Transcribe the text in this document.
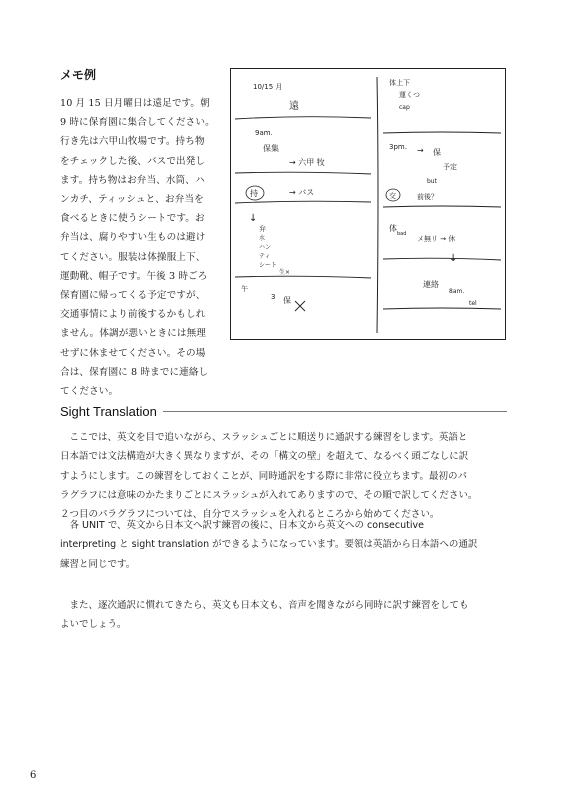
メモ例
10 月 15 日月曜日は遠足です。朝
9 時に保育園に集合してください。
行き先は六甲山牧場です。持ち物
をチェックした後、バスで出発し
ます。持ち物はお弁当、水筒、ハ
ンカチ、ティッシュと、お弁当を
食べるときに使うシートです。お
弁当は、腐りやすい生ものは避け
てください。服装は体操服上下、
運動靴、帽子です。午後 3 時ごろ
保育園に帰ってくる予定ですが、
交通事情により前後するかもしれ
ません。体調が悪いときには無理
せずに休ませてください。その場
合は、保育園に 8 時までに連絡し
てください。
10/15 月
遠
9am.
保集
→ 六甲 牧
持	→ バス
↓
弁
水
ハン
ティ
シート
生×
午
3 保
体上下
運くつ
cap
3pm. → 保
予定
but
交	前後？
体
bad
メ無リ → 休
↓
連絡
8am.
tel
Sight Translation
　ここでは、英文を目で追いながら、スラッシュごとに順送りに通訳する練習をします。英語と
日本語では文法構造が大きく異なりますが、その「構文の壁」を超えて、なるべく頭ごなしに訳
すようにします。この練習をしておくことが、同時通訳をする際に非常に役立ちます。最初のパ
ラグラフには意味のかたまりごとにスラッシュが入れてありますので、その順で訳してください。
２つ目のパラグラフについては、自分でスラッシュを入れるところから始めてください。
　各 UNIT で、英文から日本文へ訳す練習の後に、日本文から英文への consecutive
interpreting と sight translation ができるようになっています。要領は英語から日本語への通訳
練習と同じです。
　また、逐次通訳に慣れてきたら、英文も日本文も、音声を聞きながら同時に訳す練習をしても
よいでしょう。
6
